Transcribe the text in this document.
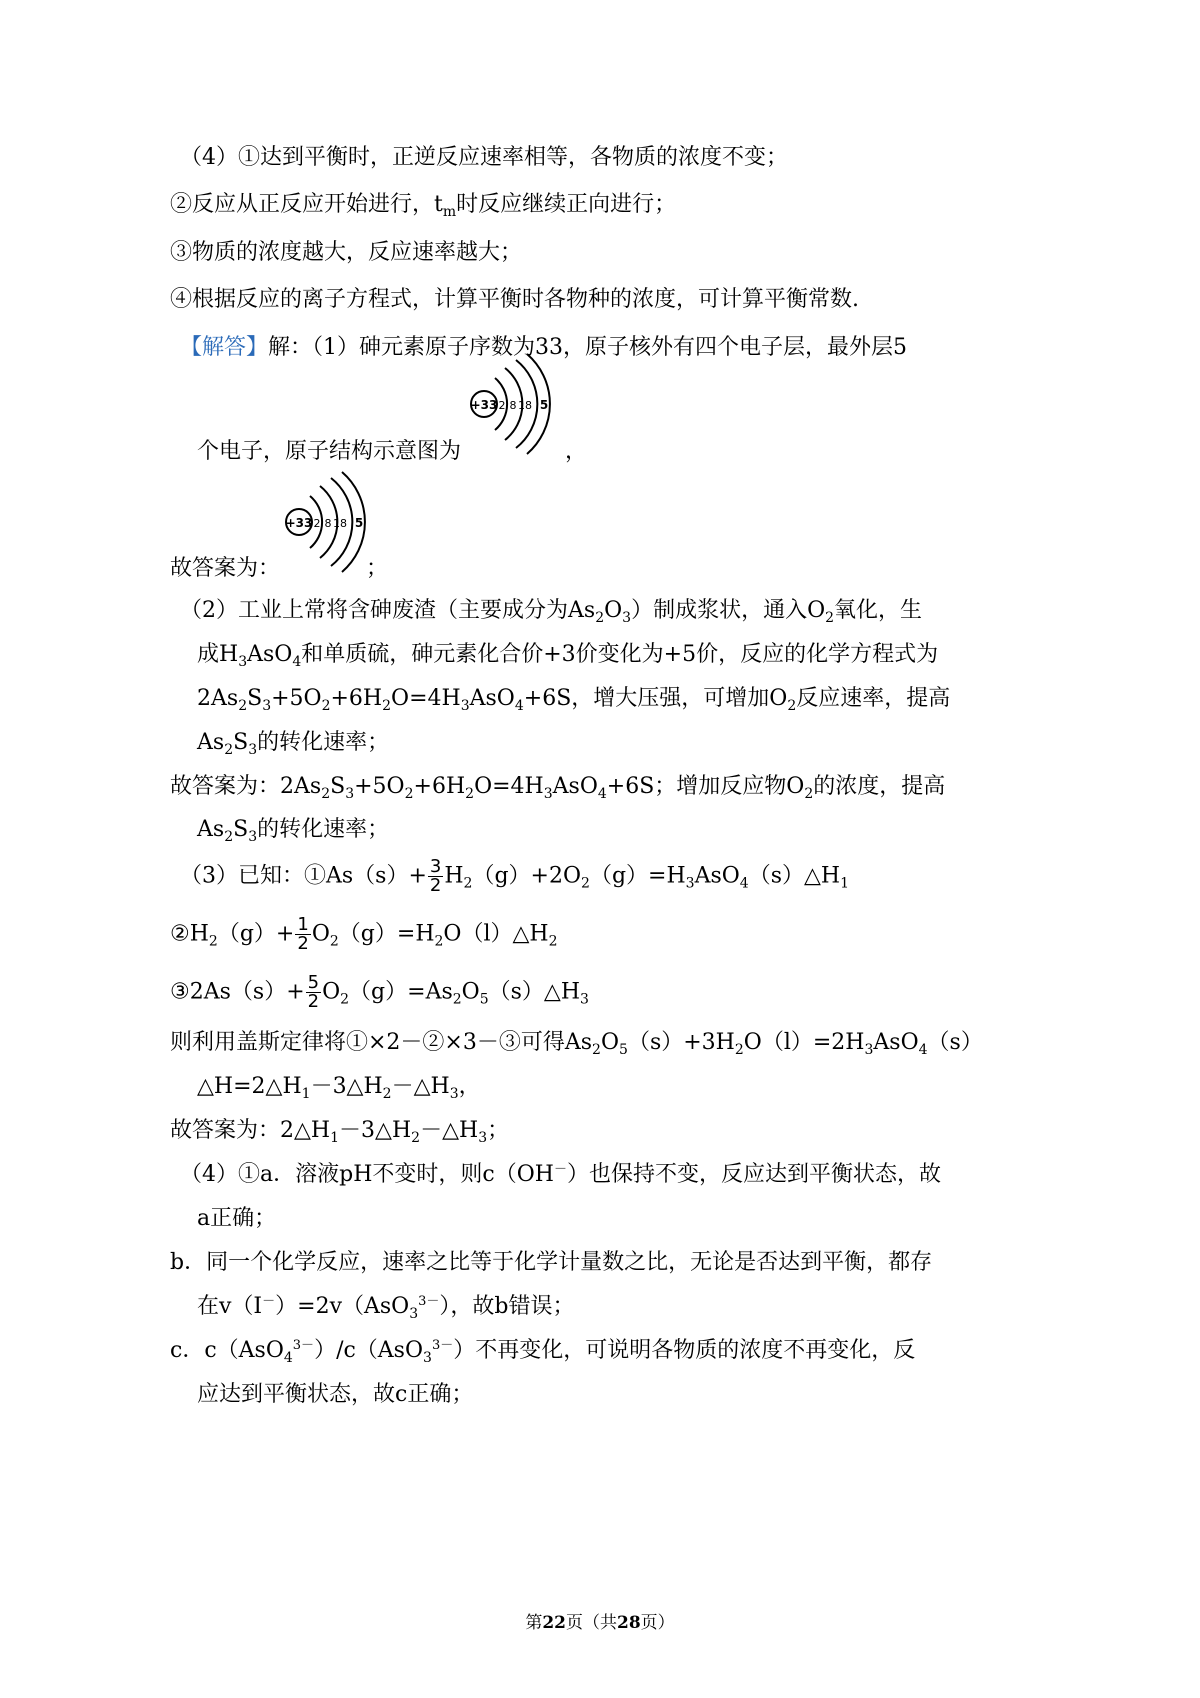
（4）①达到平衡时，正逆反应速率相等，各物质的浓度不变；
②反应从正反应开始进行，$t_m$时反应继续正向进行；
③物质的浓度越大，反应速率越大；
④根据反应的离子方程式，计算平衡时各物种的浓度，可计算平衡常数.
【解答】解：（1）砷元素原子序数为33，原子核外有四个电子层，最外层5
+33 2 8 18 5
个电子，原子结构示意图为	，
+33 2 8 18 5
故答案为：	；
（2）工业上常将含砷废渣（主要成分为$As_2O_3$）制成浆状，通入$O_2$氧化，生
成$H_3AsO_4$和单质硫，砷元素化合价+3价变化为+5价，反应的化学方程式为
$2As_2S_3+5O_2+6H_2O=4H_3AsO_4+6S$，增大压强，可增加$O_2$反应速率，提高
$As_2S_3$的转化速率；
故答案为：$2As_2S_3+5O_2+6H_2O=4H_3AsO_4+6S$；增加反应物$O_2$的浓度，提高
$As_2S_3$的转化速率；
（3）已知：①As（s）+ $\frac{3}{2}$ $H_2(g)+2O_2(g)=H_3AsO_4(s)\triangle H_1$
$②H_2(g)+ \frac{1}{2}$ $O_2(g)=H_2O(l)\triangle H_2$
③2As（s）+ $\frac{5}{2}$ $O_2(g)=As_2O_5(s)\triangle H_3$
则利用盖斯定律将①×2－②×3－③可得$As_2O_5(s)+3H_2O(l)=2H_3AsO_4(s)$
$\triangle H=2\triangle H_1-3\triangle H_2-\triangle H_3$，
故答案为：$2\triangle H_1-3\triangle H_2-\triangle H_3$；
（4）①a．溶液pH不变时，则c（OH－）也保持不变，反应达到平衡状态，故
a正确；
b．同一个化学反应，速率之比等于化学计量数之比，无论是否达到平衡，都存
在v（I－）=2v（AsO$_3^{3-}$），故b错误；
c．c（AsO$_4^{3-}$）/c（AsO$_3^{3-}$）不再变化，可说明各物质的浓度不再变化，反
应达到平衡状态，故c正确；
第22页（共28页）
